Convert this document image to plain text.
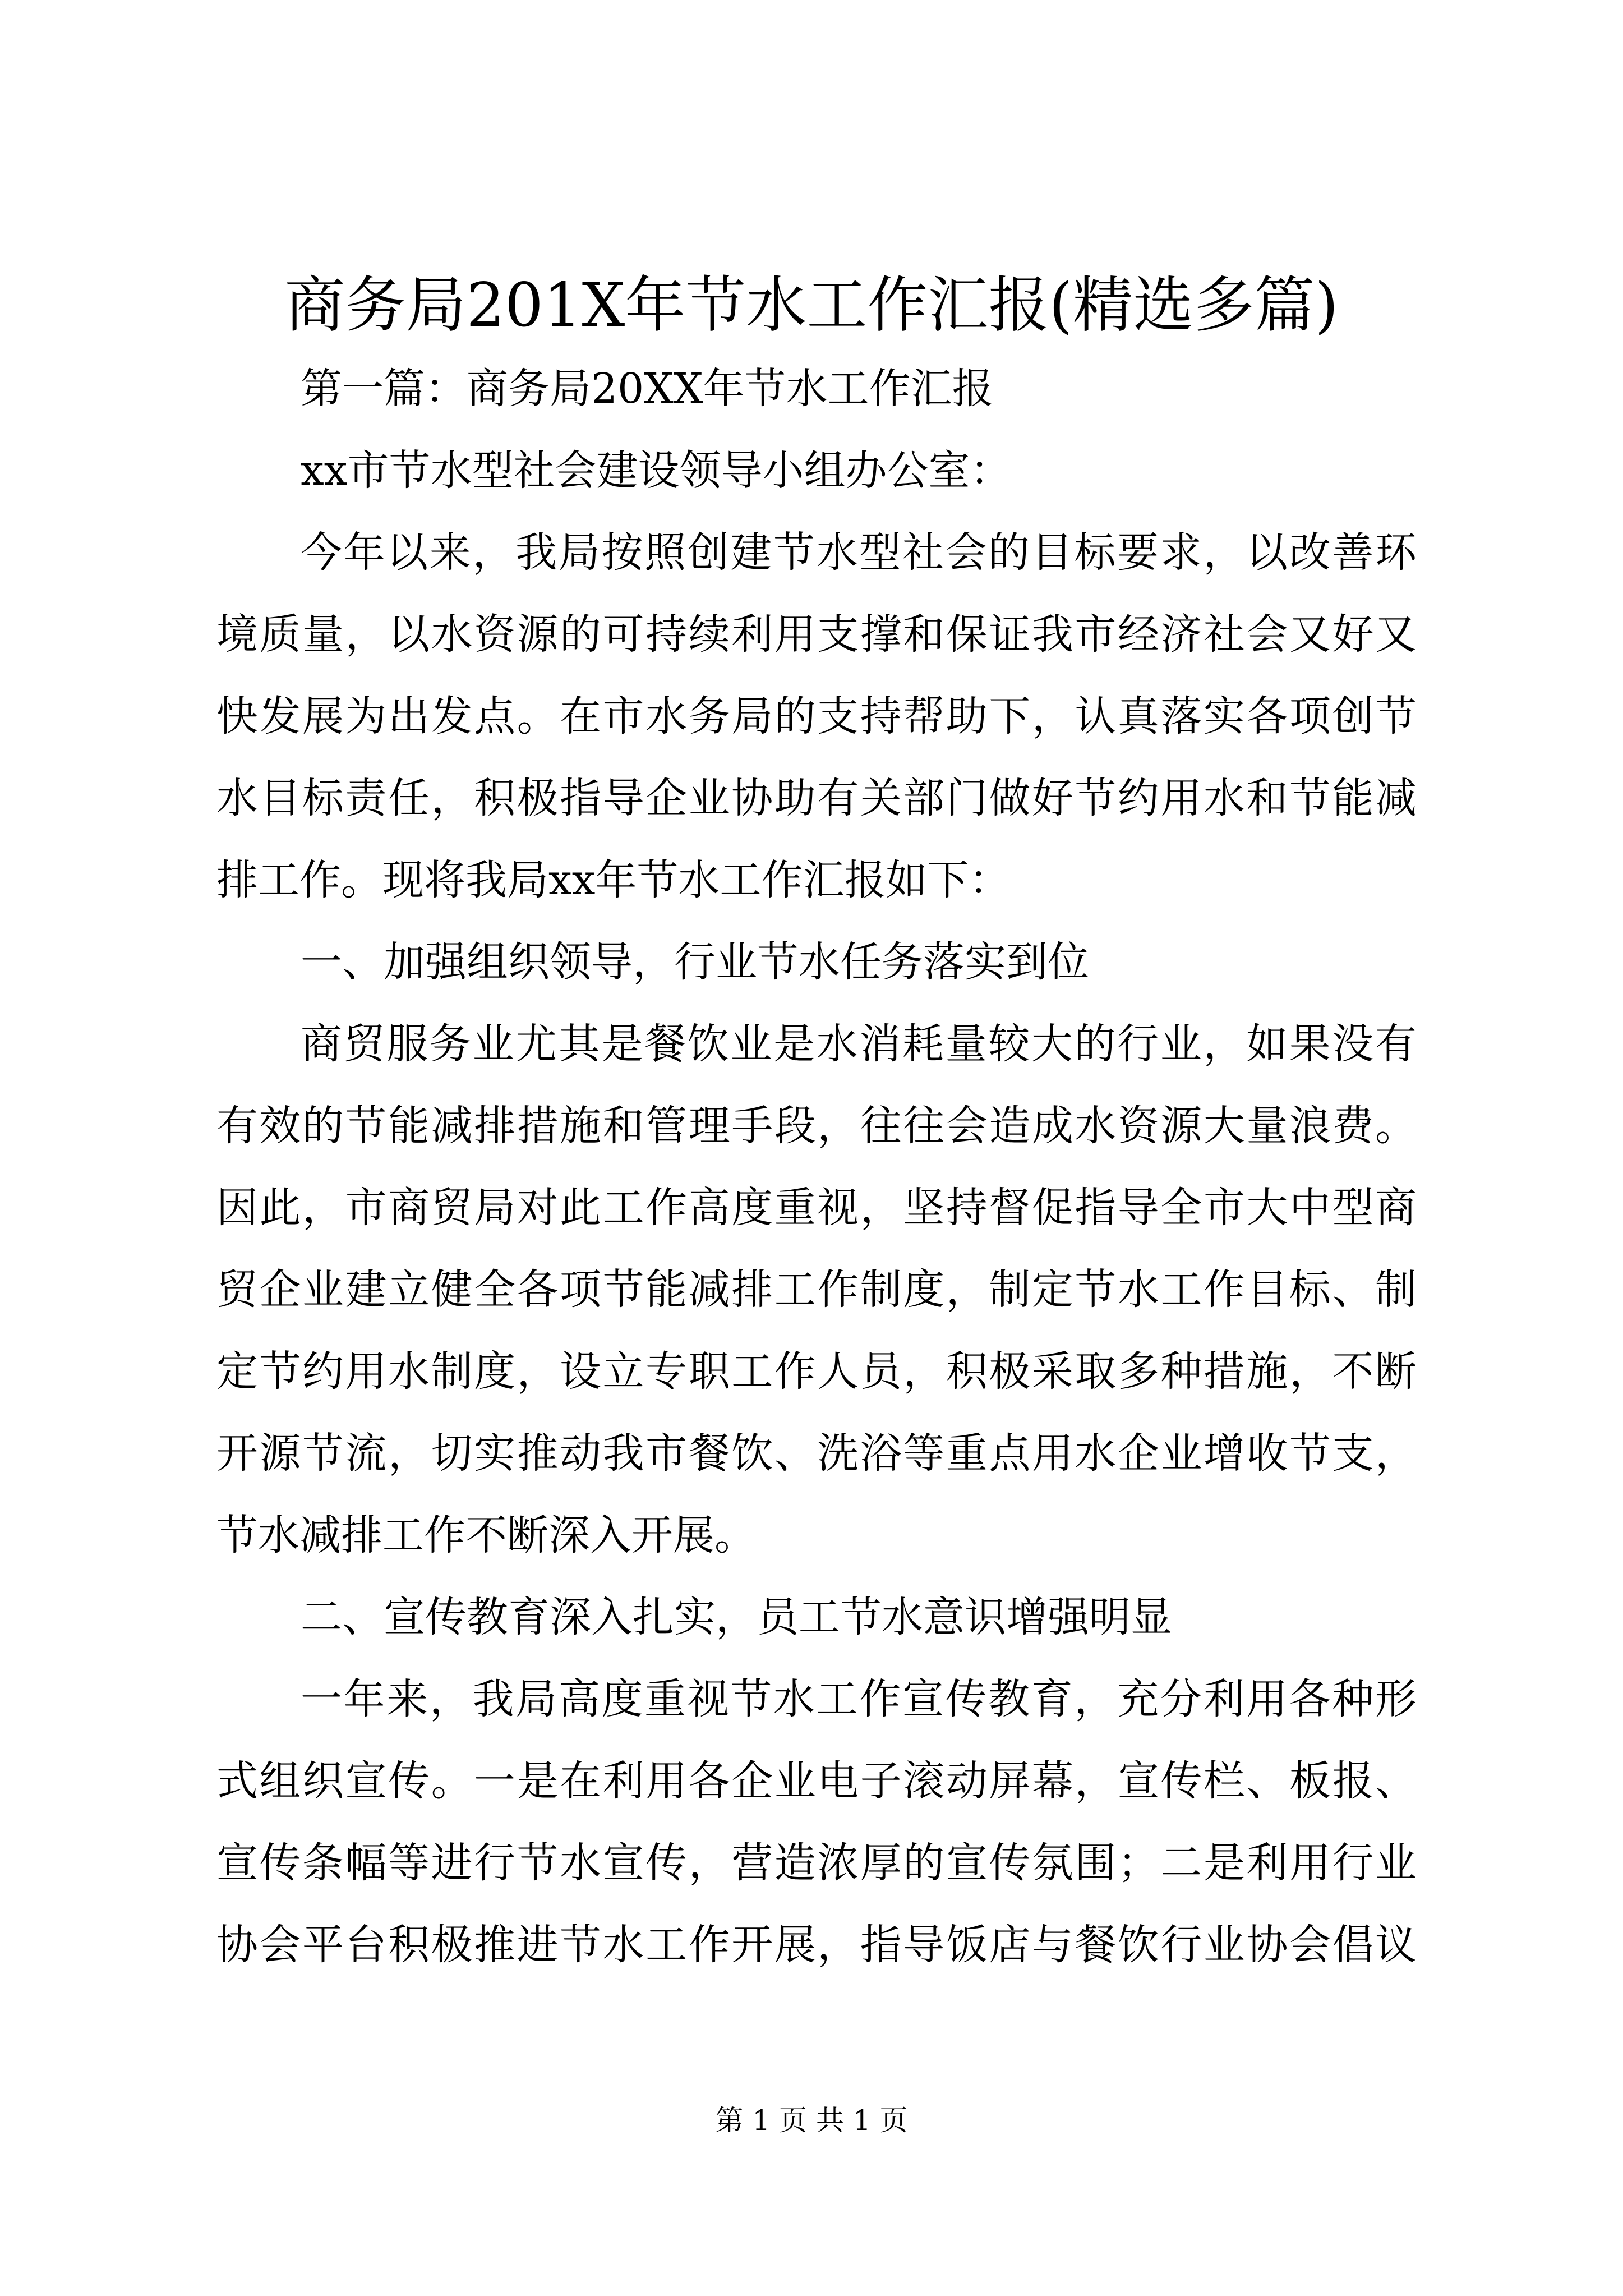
商务局201X年节水工作汇报(精选多篇)
第一篇：商务局20XX年节水工作汇报
xx市节水型社会建设领导小组办公室：
今年以来，我局按照创建节水型社会的目标要求，以改善环
境质量，以水资源的可持续利用支撑和保证我市经济社会又好又
快发展为出发点。在市水务局的支持帮助下，认真落实各项创节
水目标责任，积极指导企业协助有关部门做好节约用水和节能减
排工作。现将我局xx年节水工作汇报如下：
一、加强组织领导，行业节水任务落实到位
商贸服务业尤其是餐饮业是水消耗量较大的行业，如果没有
有效的节能减排措施和管理手段，往往会造成水资源大量浪费。
因此，市商贸局对此工作高度重视，坚持督促指导全市大中型商
贸企业建立健全各项节能减排工作制度，制定节水工作目标、制
定节约用水制度，设立专职工作人员，积极采取多种措施，不断
开源节流，切实推动我市餐饮、洗浴等重点用水企业增收节支，
节水减排工作不断深入开展。
二、宣传教育深入扎实，员工节水意识增强明显
一年来，我局高度重视节水工作宣传教育，充分利用各种形
式组织宣传。一是在利用各企业电子滚动屏幕，宣传栏、板报、
宣传条幅等进行节水宣传，营造浓厚的宣传氛围；二是利用行业
协会平台积极推进节水工作开展，指导饭店与餐饮行业协会倡议
第 1 页 共 1 页
